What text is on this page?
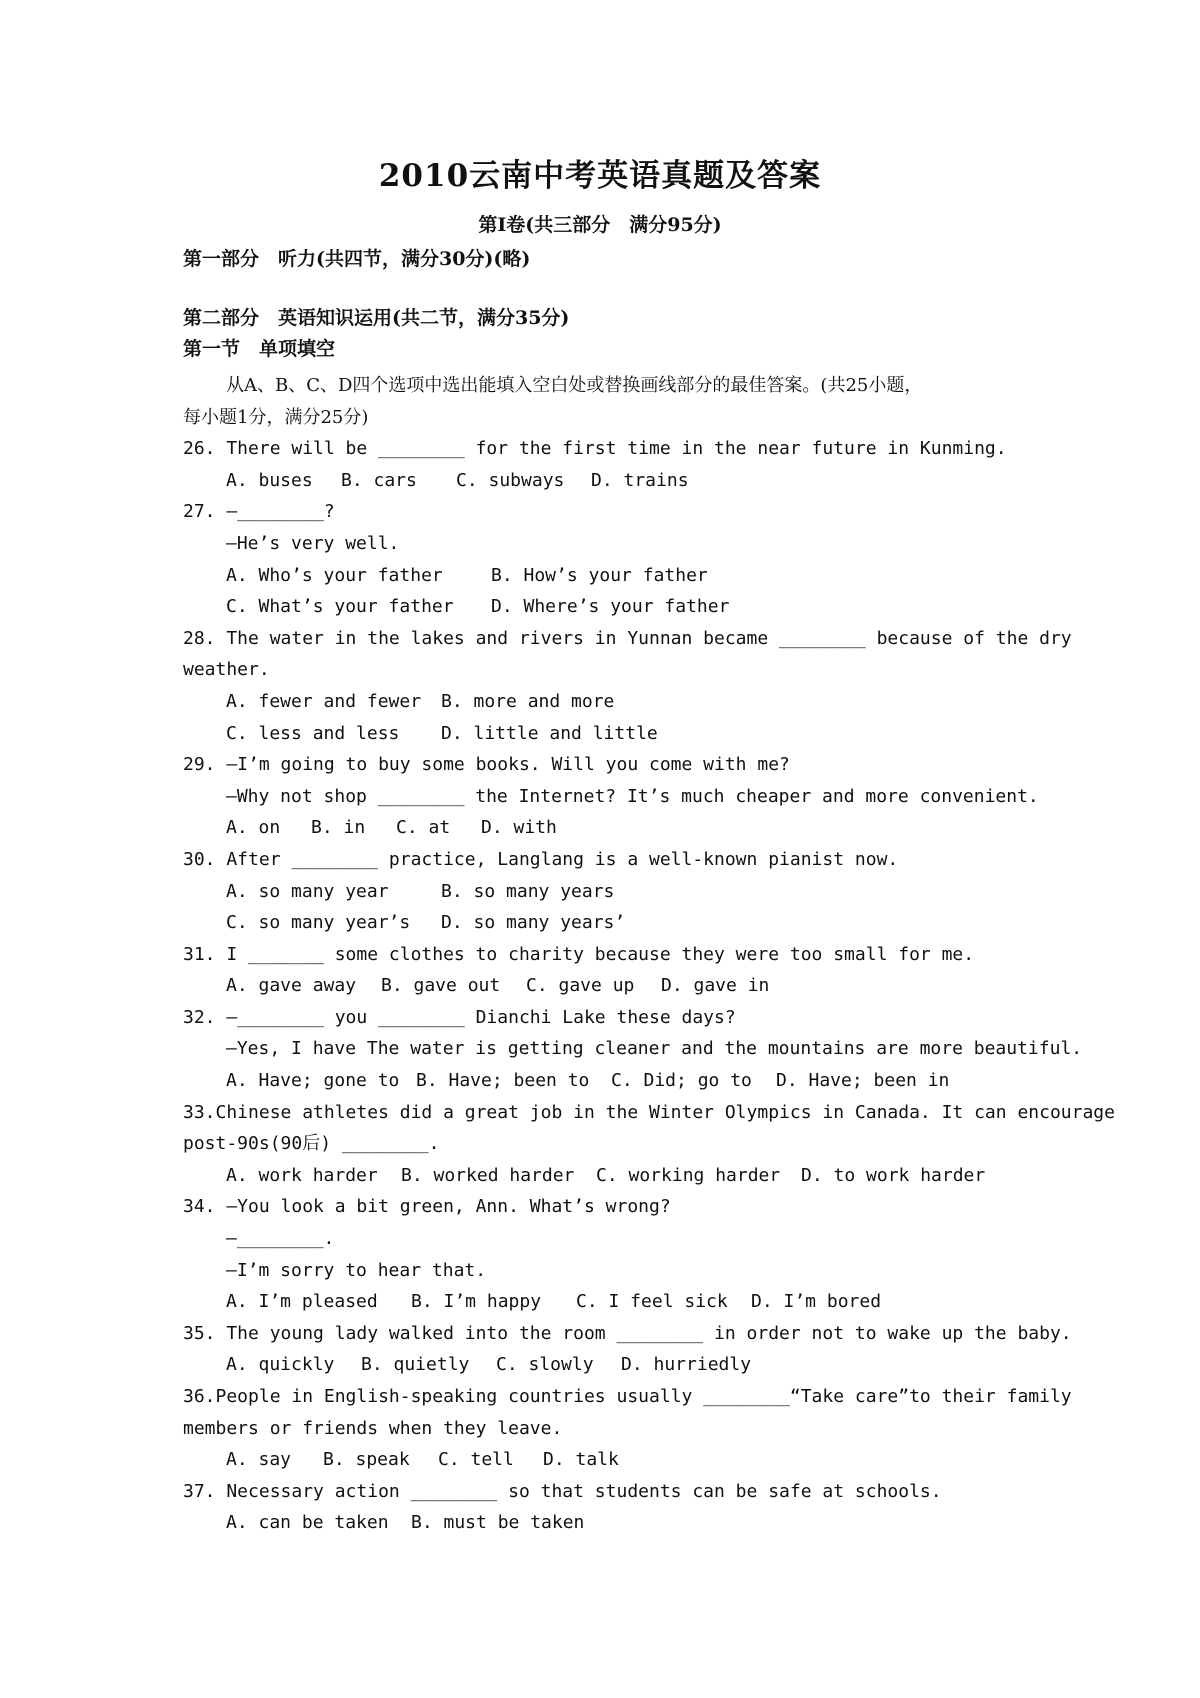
2010云南中考英语真题及答案
第Ⅰ卷(共三部分　满分95分)
第一部分　听力(共四节，满分30分)(略)
第二部分　英语知识运用(共二节，满分35分)
第一节　单项填空
从A、B、C、D四个选项中选出能填入空白处或替换画线部分的最佳答案。(共25小题，
每小题1分，满分25分)
26. There will be ________ for the first time in the near future in Kunming.
A. buses	B. cars	C. subways	D. trains
27. —________?
—He’s very well.
A. Who’s your father	B. How’s your father
C. What’s your father	D. Where’s your father
28. The water in the lakes and rivers in Yunnan became ________ because of the dry
weather.
A. fewer and fewer	B. more and more
C. less and less	D. little and little
29. —I’m going to buy some books. Will you come with me?
—Why not shop ________ the Internet? It’s much cheaper and more convenient.
A. on	B. in	C. at	D. with
30. After ________ practice, Langlang is a well-known pianist now.
A. so many year	B. so many years
C. so many year’s	D. so many years’
31. I _______ some clothes to charity because they were too small for me.
A. gave away	B. gave out	C. gave up	D. gave in
32. —________ you ________ Dianchi Lake these days?
—Yes, I have The water is getting cleaner and the mountains are more beautiful.
A. Have; gone to B. Have; been to	C. Did; go to	D. Have; been in
33.Chinese athletes did a great job in the Winter Olympics in Canada. It can encourage
post-90s(90后) ________.
A. work harder	B. worked harder	C. working harder	D. to work harder
34. —You look a bit green, Ann. What’s wrong?
—________.
—I’m sorry to hear that.
A. I’m pleased	B. I’m happy	C. I feel sick	D. I’m bored
35. The young lady walked into the room ________ in order not to wake up the baby.
A. quickly	B. quietly	C. slowly	D. hurriedly
36.People in English-speaking countries usually ________“Take care”to their family
members or friends when they leave.
A. say	B. speak	C. tell	D. talk
37. Necessary action ________ so that students can be safe at schools.
A. can be taken	B. must be taken
